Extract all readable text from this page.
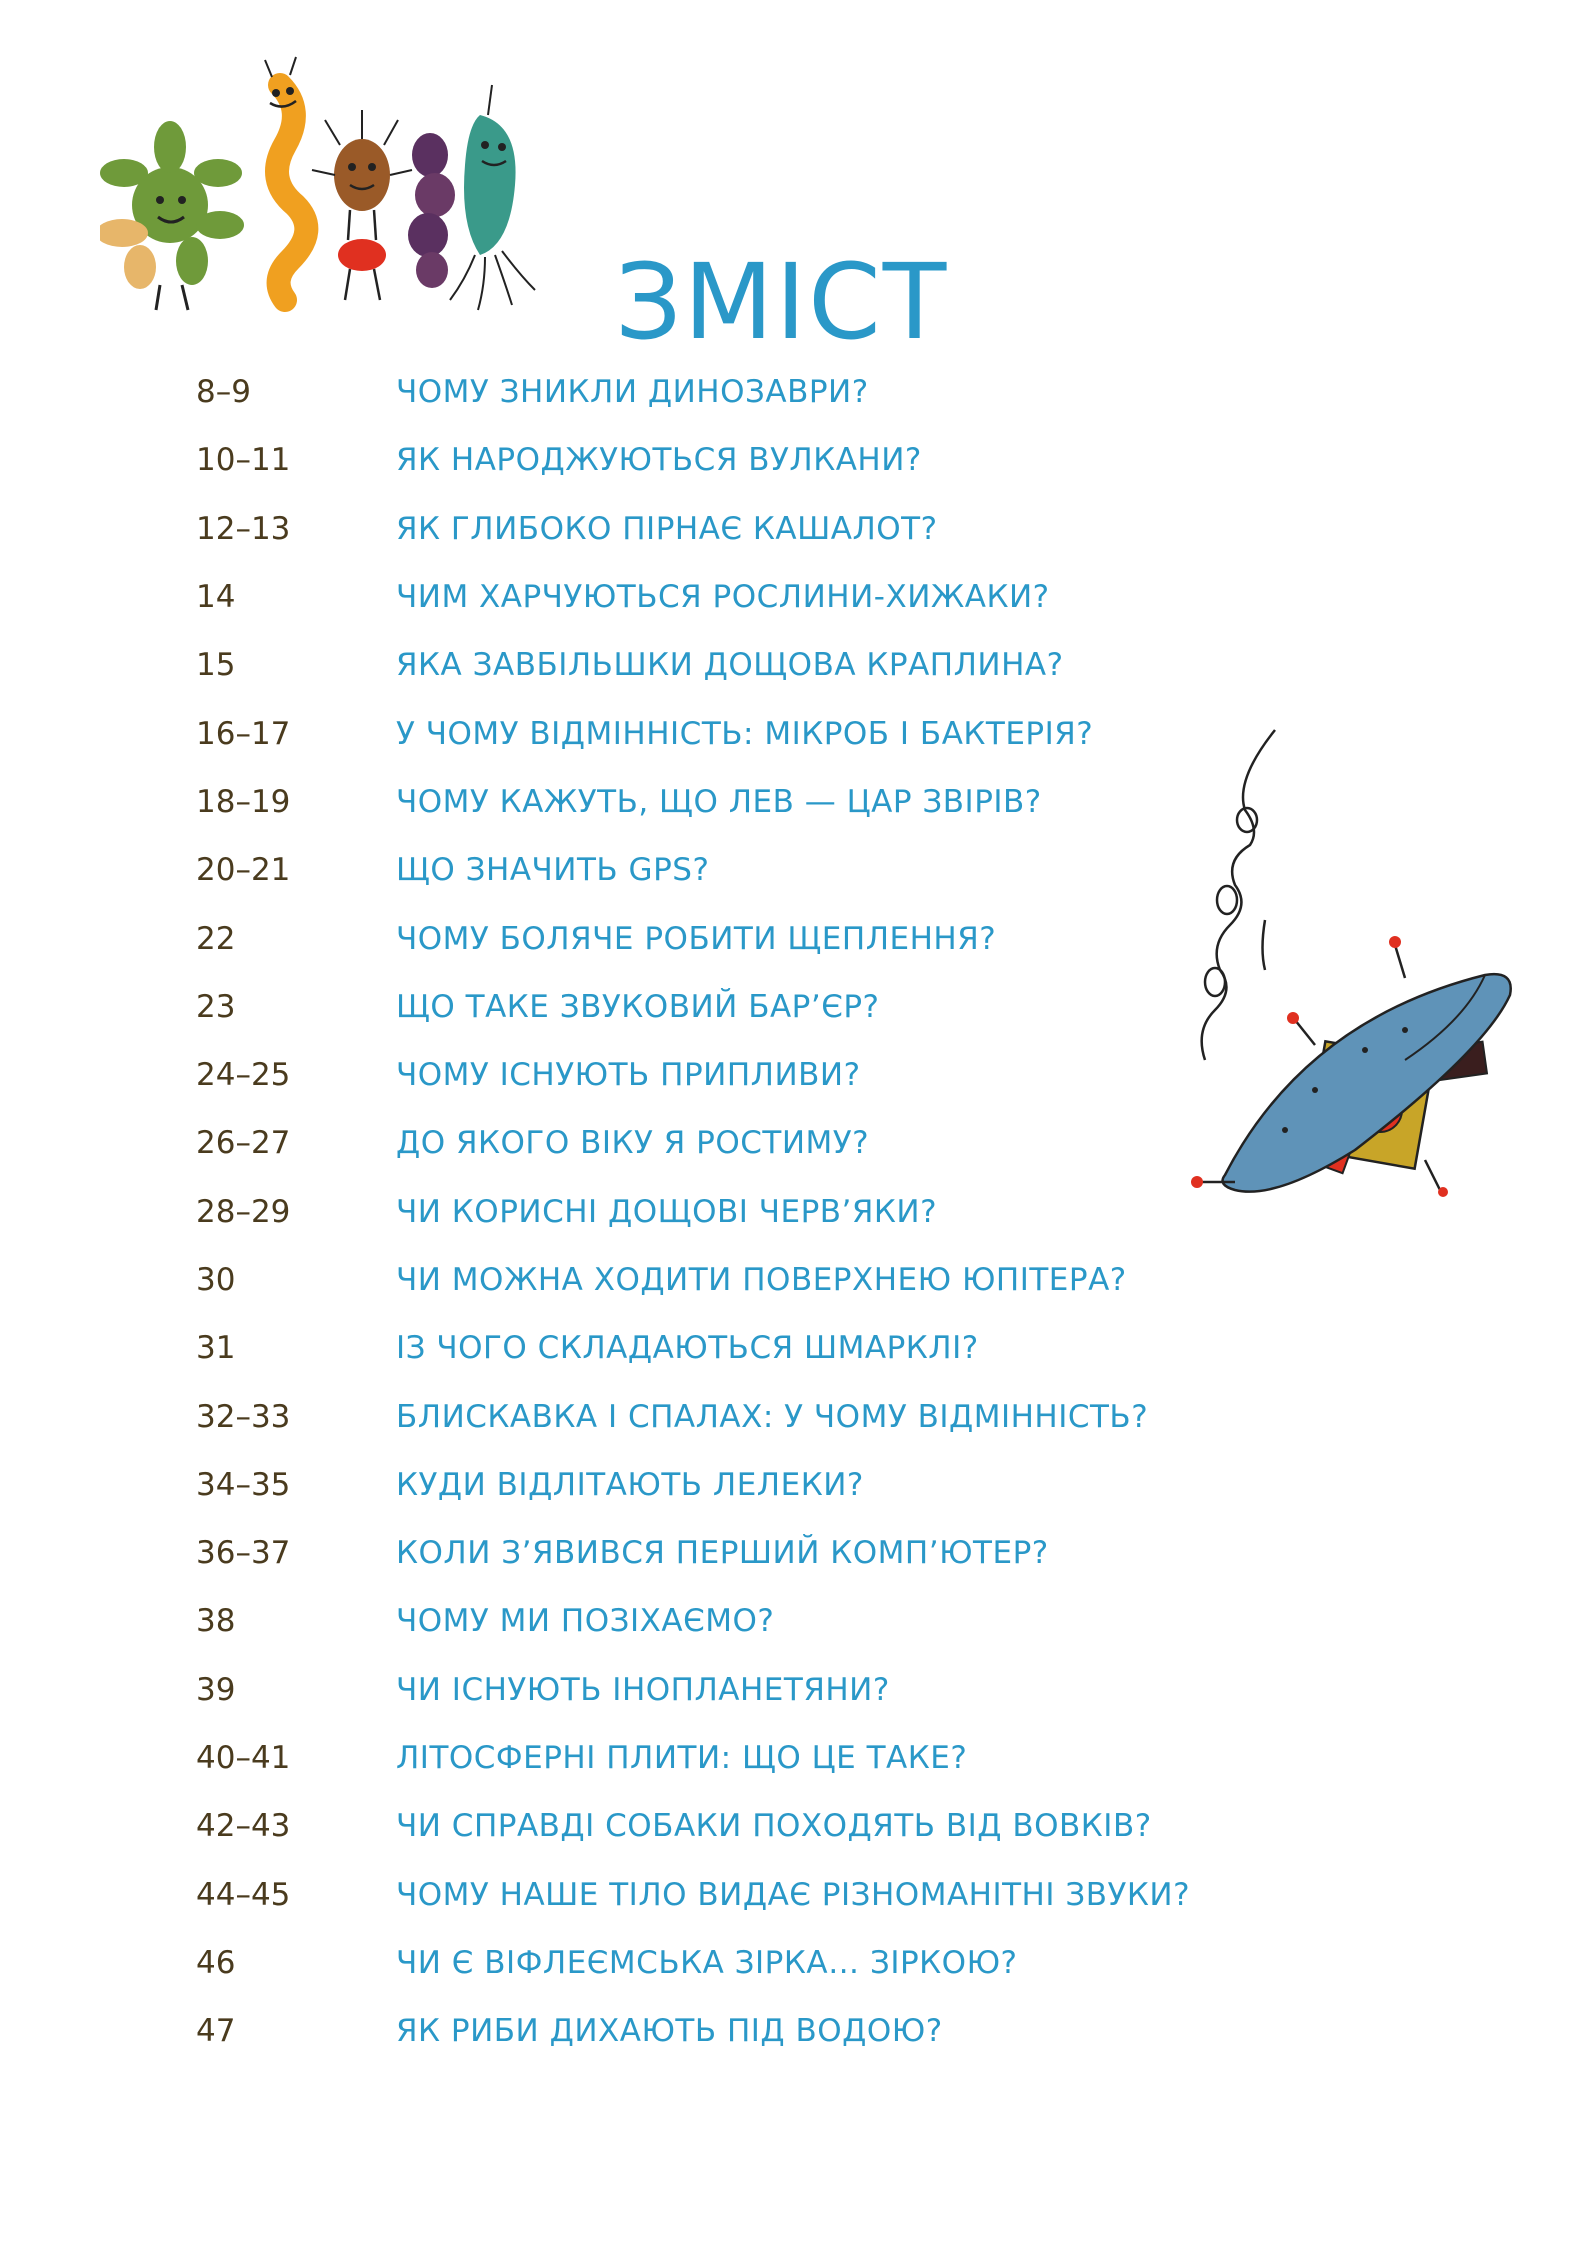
ЗМІСТ
8–9	ЧОМУ ЗНИКЛИ ДИНОЗАВРИ?
10–11	ЯК НАРОДЖУЮТЬСЯ ВУЛКАНИ?
12–13	ЯК ГЛИБОКО ПІРНАЄ КАШАЛОТ?
14	ЧИМ ХАРЧУЮТЬСЯ РОСЛИНИ-ХИЖАКИ?
15	ЯКА ЗАВБІЛЬШКИ ДОЩОВА КРАПЛИНА?
16–17	У ЧОМУ ВІДМІННІСТЬ: МІКРОБ І БАКТЕРІЯ?
18–19	ЧОМУ КАЖУТЬ, ЩО ЛЕВ — ЦАР ЗВІРІВ?
20–21	ЩО ЗНАЧИТЬ GPS?
22	ЧОМУ БОЛЯЧЕ РОБИТИ ЩЕПЛЕННЯ?
23	ЩО ТАКЕ ЗВУКОВИЙ БАР’ЄР?
24–25	ЧОМУ ІСНУЮТЬ ПРИПЛИВИ?
26–27	ДО ЯКОГО ВІКУ Я РОСТИМУ?
28–29	ЧИ КОРИСНІ ДОЩОВІ ЧЕРВ’ЯКИ?
30	ЧИ МОЖНА ХОДИТИ ПОВЕРХНЕЮ ЮПІТЕРА?
31	ІЗ ЧОГО СКЛАДАЮТЬСЯ ШМАРКЛІ?
32–33	БЛИСКАВКА І СПАЛАХ: У ЧОМУ ВІДМІННІСТЬ?
34–35	КУДИ ВІДЛІТАЮТЬ ЛЕЛЕКИ?
36–37	КОЛИ З’ЯВИВСЯ ПЕРШИЙ КОМП’ЮТЕР?
38	ЧОМУ МИ ПОЗІХАЄМО?
39	ЧИ ІСНУЮТЬ ІНОПЛАНЕТЯНИ?
40–41	ЛІТОСФЕРНІ ПЛИТИ: ЩО ЦЕ ТАКЕ?
42–43	ЧИ СПРАВДІ СОБАКИ ПОХОДЯТЬ ВІД ВОВКІВ?
44–45	ЧОМУ НАШЕ ТІЛО ВИДАЄ РІЗНОМАНІТНІ ЗВУКИ?
46	ЧИ Є ВІФЛЕЄМСЬКА ЗІРКА… ЗІРКОЮ?
47	ЯК РИБИ ДИХАЮТЬ ПІД ВОДОЮ?
